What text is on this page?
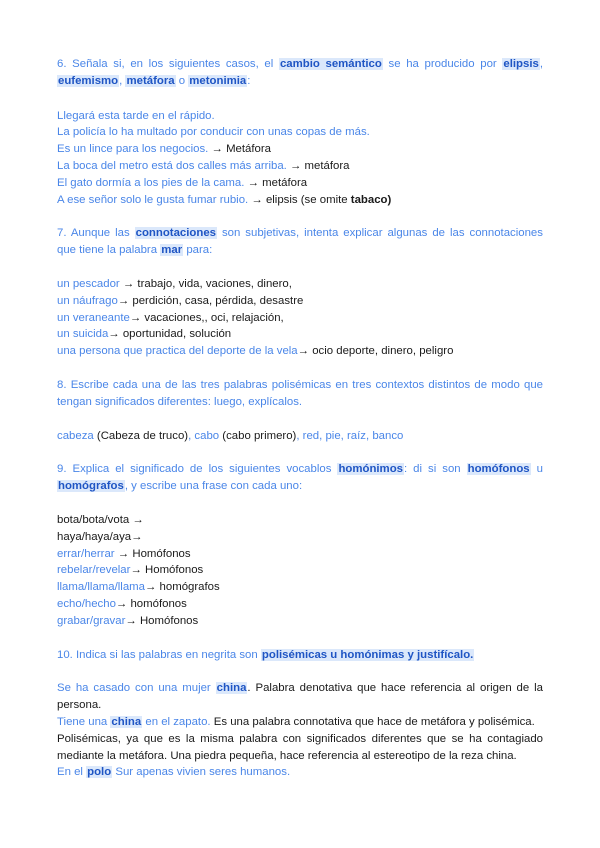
6. Señala si, en los siguientes casos, el cambio semántico se ha producido por elipsis, eufemismo, metáfora o metonimia:

Llegará esta tarde en el rápido.

La policía lo ha multado por conducir con unas copas de más.

Es un lince para los negocios. → Metáfora

La boca del metro está dos calles más arriba. → metáfora

El gato dormía a los pies de la cama. → metáfora

A ese señor solo le gusta fumar rubio. → elipsis (se omite tabaco)

7. Aunque las connotaciones son subjetivas, intenta explicar algunas de las connotaciones que tiene la palabra mar para:

un pescador → trabajo, vida, vaciones, dinero,

un náufrago→ perdición, casa, pérdida, desastre

un veraneante→ vacaciones,, oci, relajación,

un suicida→ oportunidad, solución

una persona que practica del deporte de la vela→ ocio deporte, dinero, peligro

8. Escribe cada una de las tres palabras polisémicas en tres contextos distintos de modo que tengan significados diferentes: luego, explícalos.

cabeza (Cabeza de truco), cabo (cabo primero), red, pie, raíz, banco

9. Explica el significado de los siguientes vocablos homónimos: di si son homófonos u homógrafos, y escribe una frase con cada uno:

bota/bota/vota →

haya/haya/aya→

errar/herrar → Homófonos

rebelar/revelar→ Homófonos

llama/llama/llama→ homógrafos

echo/hecho→ homófonos

grabar/gravar→ Homófonos

10. Indica si las palabras en negrita son polisémicas u homónimas y justifícalo.

Se ha casado con una mujer china. Palabra denotativa que hace referencia al origen de la persona.

Tiene una china en el zapato. Es una palabra connotativa que hace de metáfora y polisémica.

Polisémicas, ya que es la misma palabra con significados diferentes que se ha contagiado mediante la metáfora. Una piedra pequeña, hace referencia al estereotipo de la reza china.

En el polo Sur apenas vivien seres humanos.
